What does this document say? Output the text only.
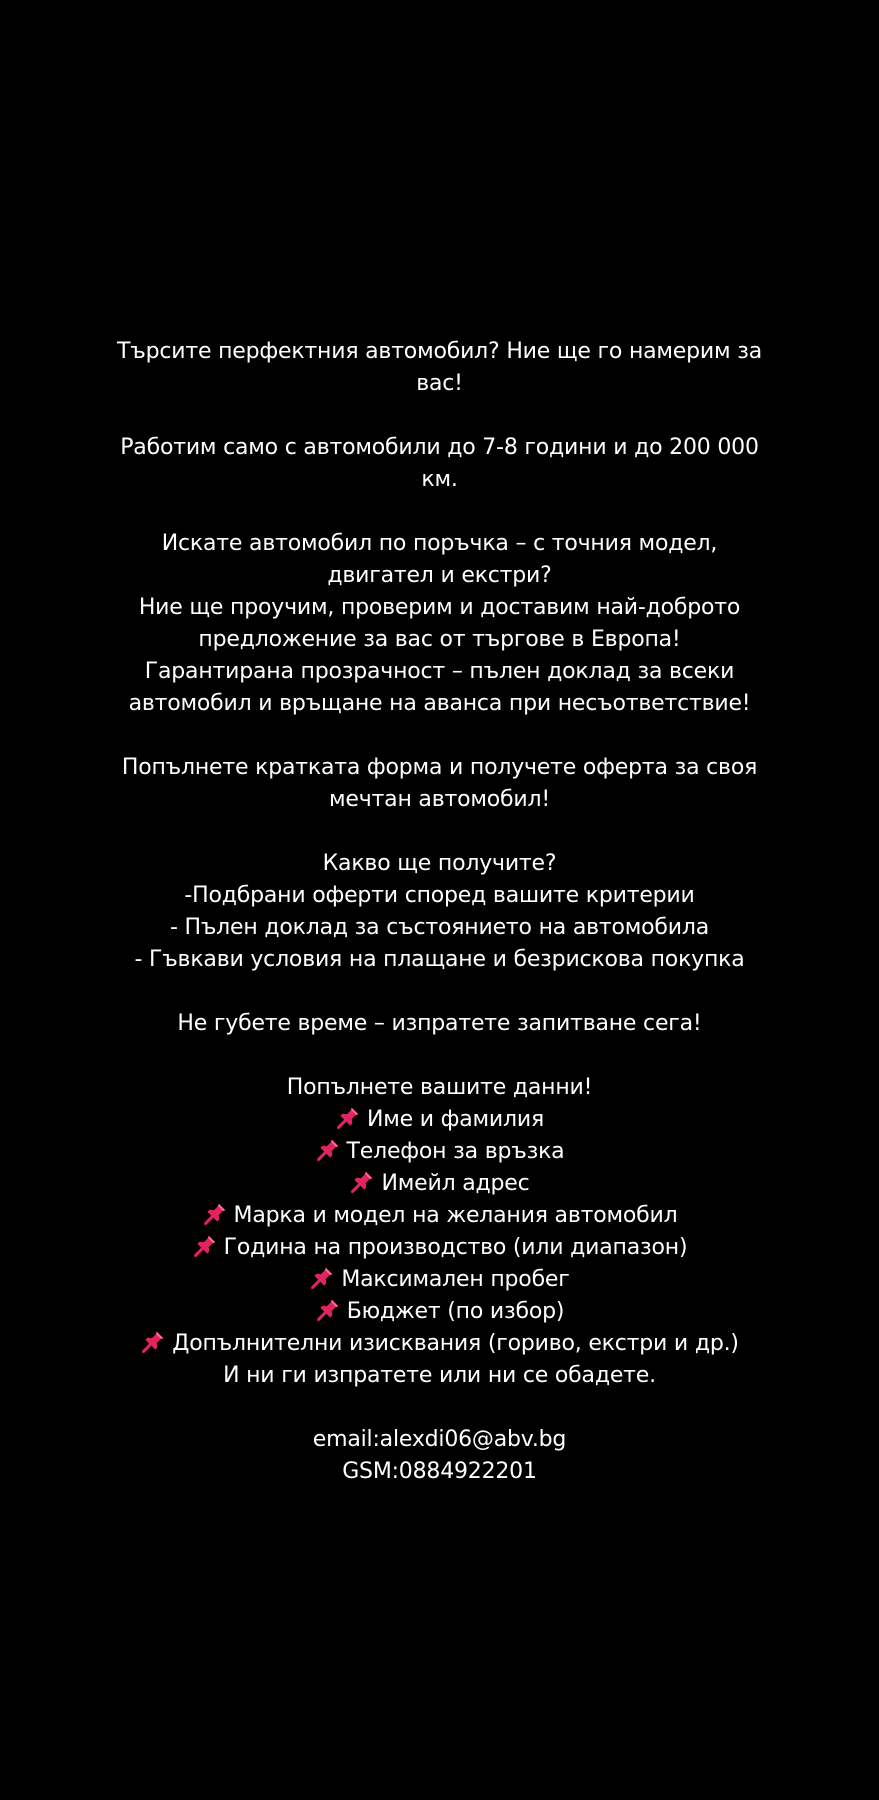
Търсите перфектния автомобил? Ние ще го намерим за вас!
Работим само с автомобили до 7-8 години и до 200 000 км.
Искате автомобил по поръчка – с точния модел,
двигател и екстри?
Ние ще проучим, проверим и доставим най-доброто
предложение за вас от търгове в Европа!
Гарантирана прозрачност – пълен доклад за всеки
автомобил и връщане на аванса при несъответствие!
Попълнете кратката форма и получете оферта за своя
мечтан автомобил!
Какво ще получите?
-Подбрани оферти според вашите критерии
- Пълен доклад за състоянието на автомобила
- Гъвкави условия на плащане и безрискова покупка
Не губете време – изпратете запитване сега!
Попълнете вашите данни!
Име и фамилия
Телефон за връзка
Имейл адрес
Марка и модел на желания автомобил
Година на производство (или диапазон)
Максимален пробег
Бюджет (по избор)
Допълнителни изисквания (гориво, екстри и др.)
И ни ги изпратете или ни се обадете.
email:alexdi06@abv.bg
GSM:0884922201
